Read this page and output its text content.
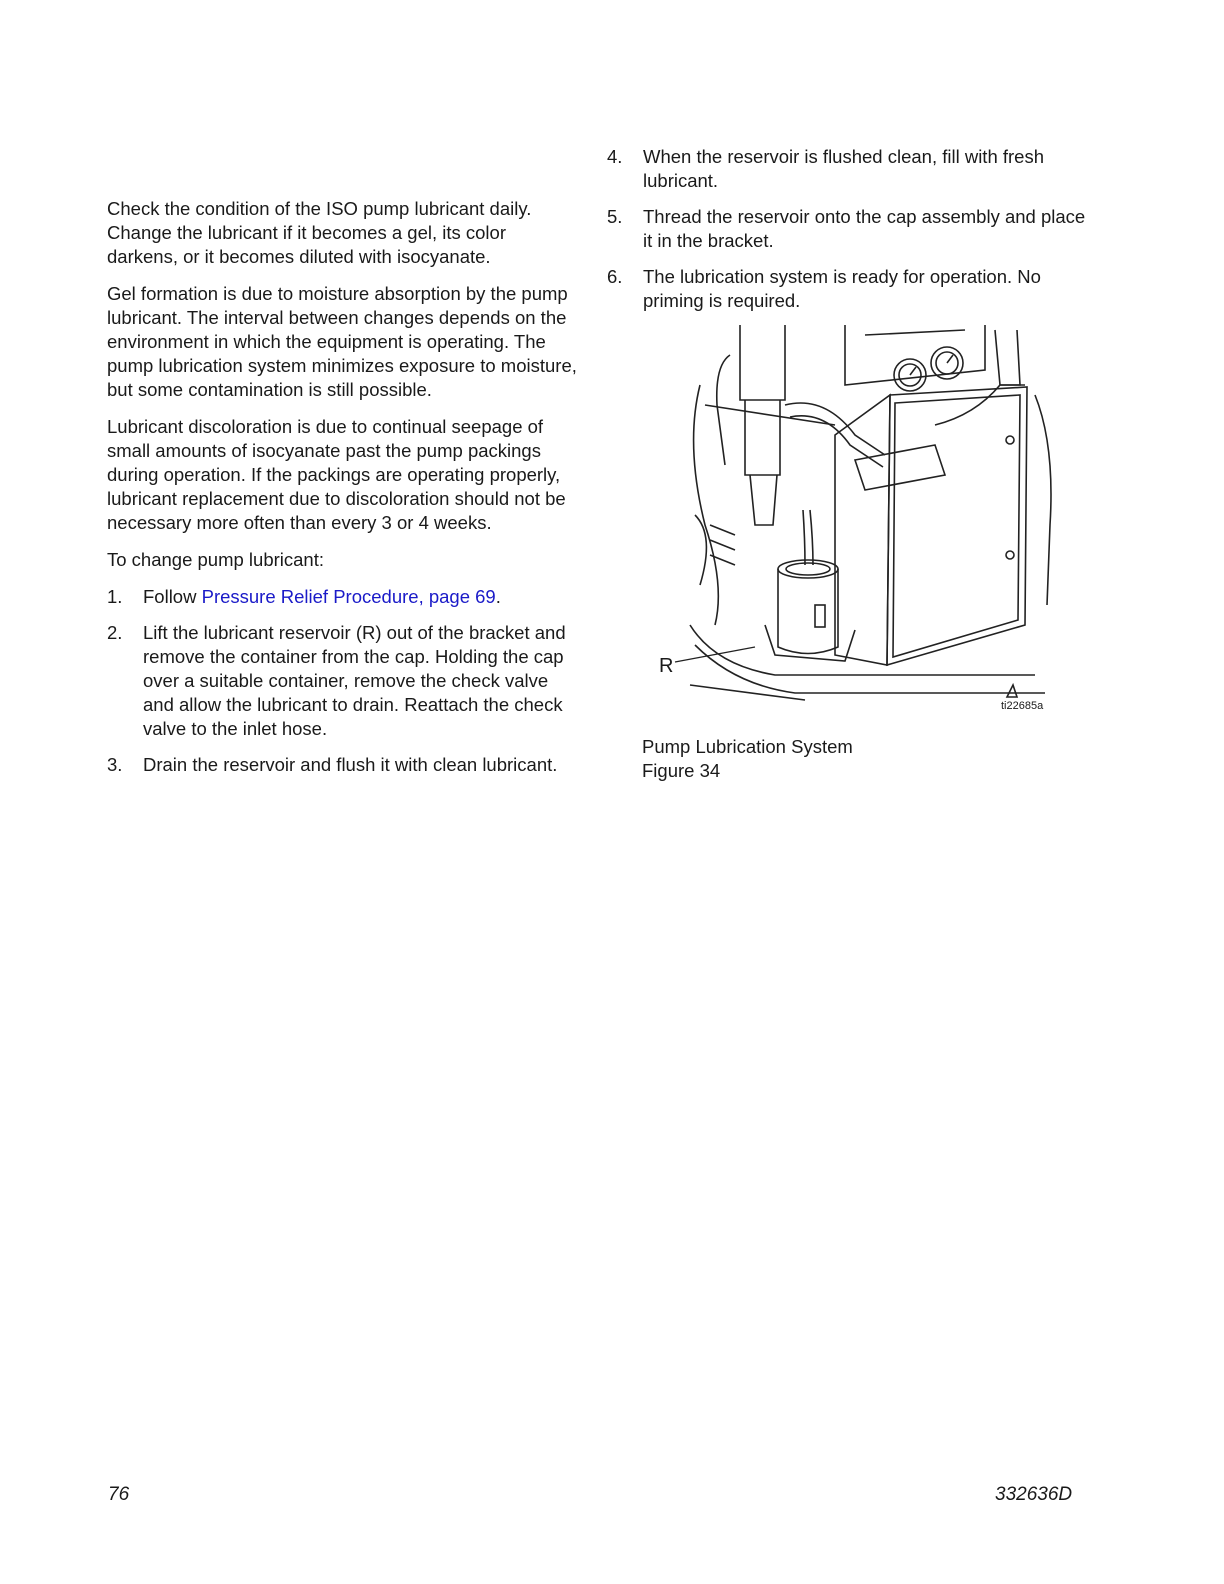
Check the condition of the ISO pump lubricant daily. Change the lubricant if it becomes a gel, its color darkens, or it becomes diluted with isocyanate.

Gel formation is due to moisture absorption by the pump lubricant. The interval between changes depends on the environment in which the equipment is operating. The pump lubrication system minimizes exposure to moisture, but some contamination is still possible.

Lubricant discoloration is due to continual seepage of small amounts of isocyanate past the pump packings during operation. If the packings are operating properly, lubricant replacement due to discoloration should not be necessary more often than every 3 or 4 weeks.

To change pump lubricant:

1.	Follow Pressure Relief Procedure, page 69.
2.	Lift the lubricant reservoir (R) out of the bracket and remove the container from the cap. Holding the cap over a suitable container, remove the check valve and allow the lubricant to drain. Reattach the check valve to the inlet hose.
3.	Drain the reservoir and flush it with clean lubricant.
4.	When the reservoir is flushed clean, fill with fresh lubricant.
5.	Thread the reservoir onto the cap assembly and place it in the bracket.
6.	The lubrication system is ready for operation. No priming is required.
R
ti22685a
Pump Lubrication System
Figure 34
76	332636D
